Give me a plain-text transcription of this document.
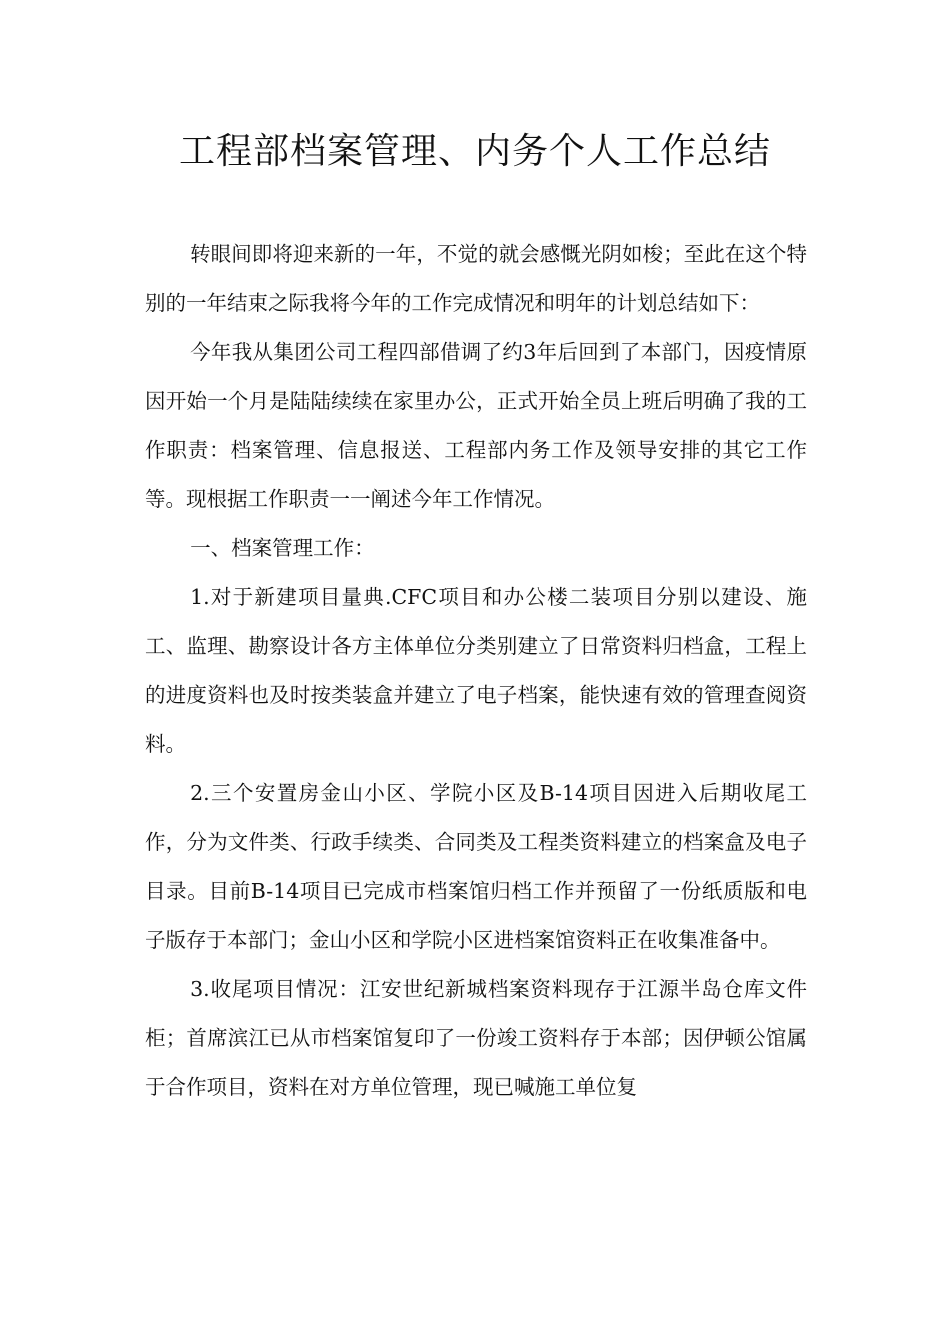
工程部档案管理、内务个人工作总结

转眼间即将迎来新的一年，不觉的就会感慨光阴如梭；至此在这个特别的一年结束之际我将今年的工作完成情况和明年的计划总结如下：

今年我从集团公司工程四部借调了约3年后回到了本部门，因疫情原因开始一个月是陆陆续续在家里办公，正式开始全员上班后明确了我的工作职责：档案管理、信息报送、工程部内务工作及领导安排的其它工作等。现根据工作职责一一阐述今年工作情况。

一、档案管理工作：

1.对于新建项目量典.CFC项目和办公楼二装项目分别以建设、施工、监理、勘察设计各方主体单位分类别建立了日常资料归档盒，工程上的进度资料也及时按类装盒并建立了电子档案，能快速有效的管理查阅资料。

2.三个安置房金山小区、学院小区及B-14项目因进入后期收尾工作，分为文件类、行政手续类、合同类及工程类资料建立的档案盒及电子目录。目前B-14项目已完成市档案馆归档工作并预留了一份纸质版和电子版存于本部门；金山小区和学院小区进档案馆资料正在收集准备中。

3.收尾项目情况：江安世纪新城档案资料现存于江源半岛仓库文件柜；首席滨江已从市档案馆复印了一份竣工资料存于本部；因伊顿公馆属于合作项目，资料在对方单位管理，现已喊施工单位复
